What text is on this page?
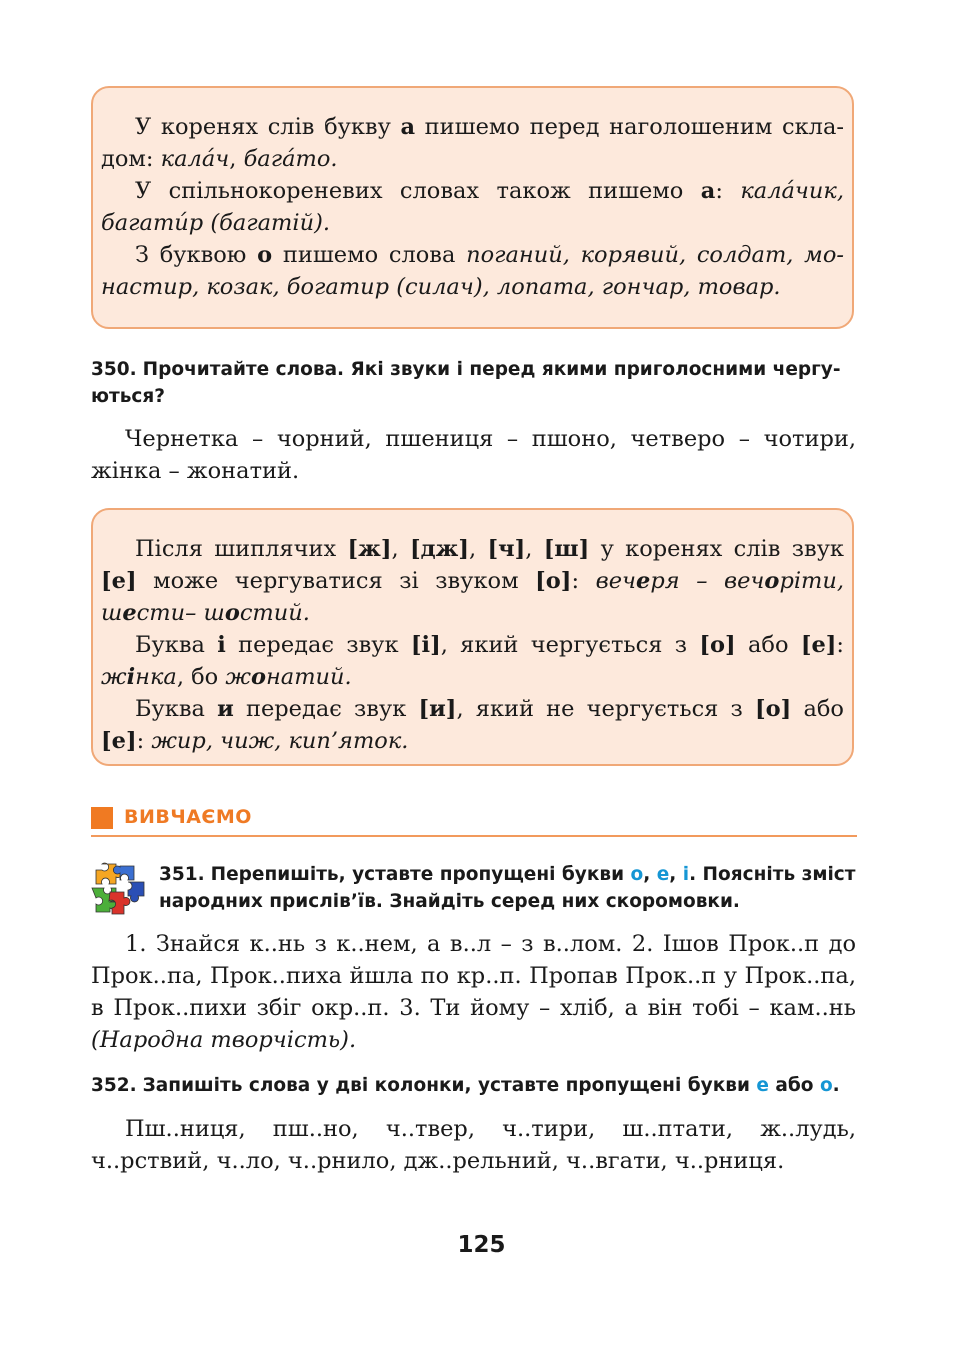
У коренях слів букву а пишемо перед наголошеним скла-дом: кала́ч, бага́то.

У спільнокореневих словах також пишемо а: кала́чик, багати́р (багатій).

З буквою о пишемо слова поганий, корявий, солдат, мо-настир, козак, богатир (силач), лопата, гончар, товар.

350. Прочитайте слова. Які звуки і перед якими приголосними чергу-ються?

Чернетка – чорний, пшениця – пшоно, четверо – чотири, жінка – жонатий.

Після шиплячих [ж], [дж], [ч], [ш] у коренях слів звук [е] може чергуватися зі звуком [о]: вечеря – вечоріти, шести– шостий.

Буква і передає звук [і], який чергується з [о] або [е]: жінка, бо жонатий.

Буква и передає звук [и], який не чергується з [о] або [е]: жир, чиж, кип’яток.

ВИВЧАЄМО
351. Перепишіть, уставте пропущені букви о, е, і. Поясніть зміст народних прислів’їв. Знайдіть серед них скоромовки.

1. Знайся к..нь з к..нем, а в..л – з в..лом. 2. Ішов Прок..п до Прок..па, Прок..пиха йшла по кр..п. Пропав Прок..п у Прок..па, в Прок..пихи збіг окр..п. 3. Ти йому – хліб, а він тобі – кам..нь (Народна творчість).

352. Запишіть слова у дві колонки, уставте пропущені букви е або о.

Пш..ниця, пш..но, ч..твер, ч..тири, ш..птати, ж..лудь, ч..рствий, ч..ло, ч..рнило, дж..рельний, ч..вгати, ч..рниця.

125
